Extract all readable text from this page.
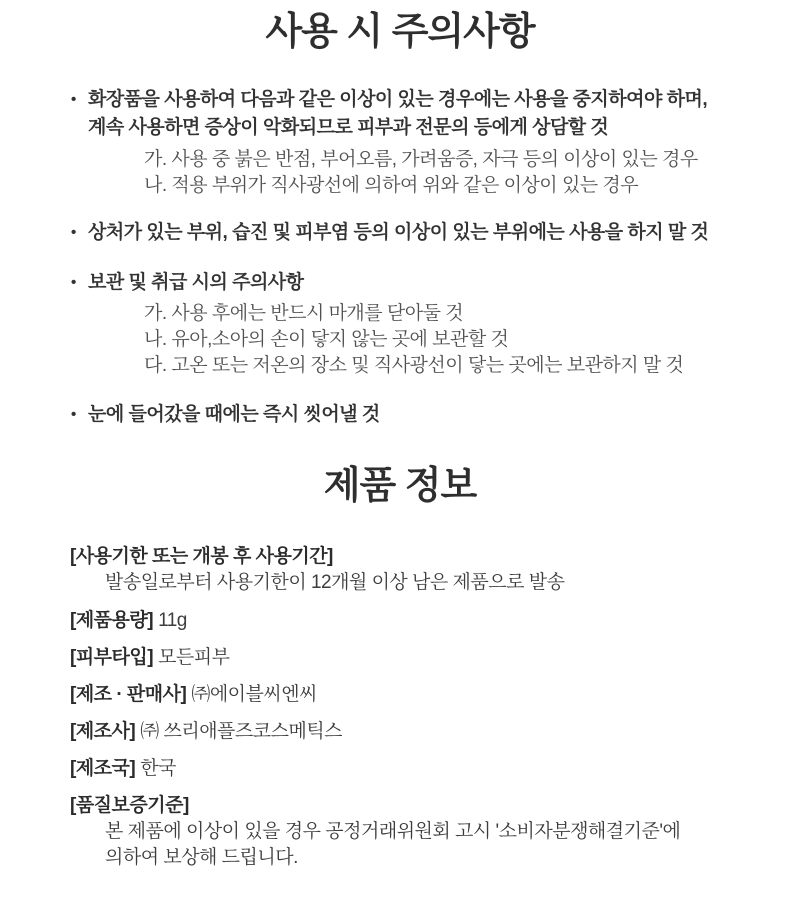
사용 시 주의사항
• 화장품을 사용하여 다음과 같은 이상이 있는 경우에는 사용을 중지하여야 하며,
계속 사용하면 증상이 악화되므로 피부과 전문의 등에게 상담할 것
가. 사용 중 붉은 반점, 부어오름, 가려움증, 자극 등의 이상이 있는 경우
나. 적용 부위가 직사광선에 의하여 위와 같은 이상이 있는 경우
• 상처가 있는 부위, 습진 및 피부염 등의 이상이 있는 부위에는 사용을 하지 말 것
• 보관 및 취급 시의 주의사항
가. 사용 후에는 반드시 마개를 닫아둘 것
나. 유아,소아의 손이 닿지 않는 곳에 보관할 것
다. 고온 또는 저온의 장소 및 직사광선이 닿는 곳에는 보관하지 말 것
• 눈에 들어갔을 때에는 즉시 씻어낼 것
제품 정보
[사용기한 또는 개봉 후 사용기간]
발송일로부터 사용기한이 12개월 이상 남은 제품으로 발송
[제품용량] 11g
[피부타입] 모든피부
[제조 · 판매사] ㈜에이블씨엔씨
[제조사] ㈜ 쓰리애플즈코스메틱스
[제조국] 한국
[품질보증기준]
본 제품에 이상이 있을 경우 공정거래위원회 고시 '소비자분쟁해결기준'에
의하여 보상해 드립니다.
